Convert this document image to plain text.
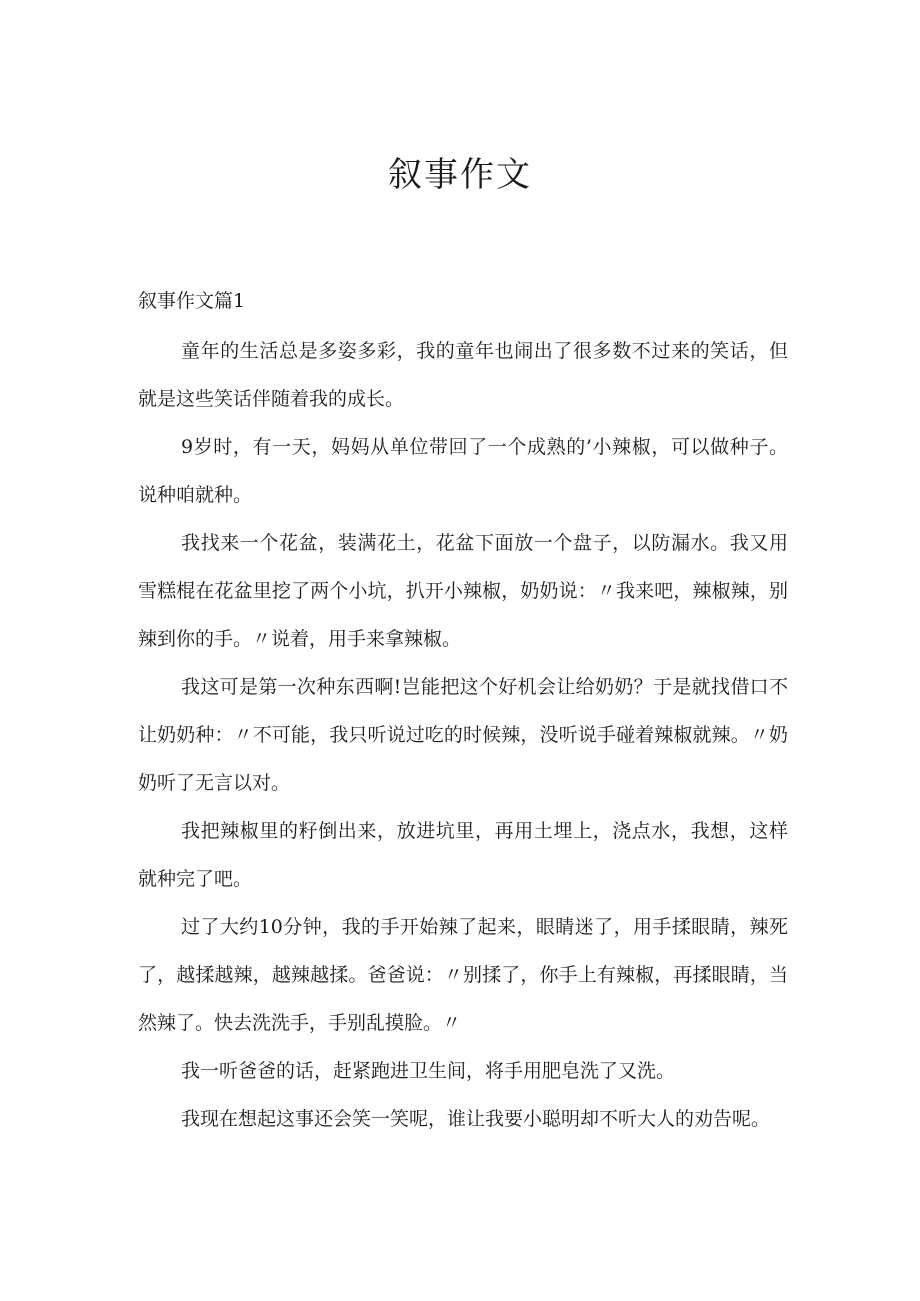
叙事作文
叙事作文篇1

童年的生活总是多姿多彩，我的童年也闹出了很多数不过来的笑话，但就是这些笑话伴随着我的成长。

9岁时，有一天，妈妈从单位带回了一个成熟的’小辣椒，可以做种子。说种咱就种。

我找来一个花盆，装满花土，花盆下面放一个盘子，以防漏水。我又用雪糕棍在花盆里挖了两个小坑，扒开小辣椒，奶奶说：〃我来吧，辣椒辣，别辣到你的手。〃说着，用手来拿辣椒。

我这可是第一次种东西啊!岂能把这个好机会让给奶奶？于是就找借口不让奶奶种：〃不可能，我只听说过吃的时候辣，没听说手碰着辣椒就辣。〃奶奶听了无言以对。

我把辣椒里的籽倒出来，放进坑里，再用土埋上，浇点水，我想，这样就种完了吧。

过了大约10分钟，我的手开始辣了起来，眼睛迷了，用手揉眼睛，辣死了，越揉越辣，越辣越揉。爸爸说：〃别揉了，你手上有辣椒，再揉眼睛，当然辣了。快去洗洗手，手别乱摸脸。〃

我一听爸爸的话，赶紧跑进卫生间，将手用肥皂洗了又洗。

我现在想起这事还会笑一笑呢，谁让我要小聪明却不听大人的劝告呢。
